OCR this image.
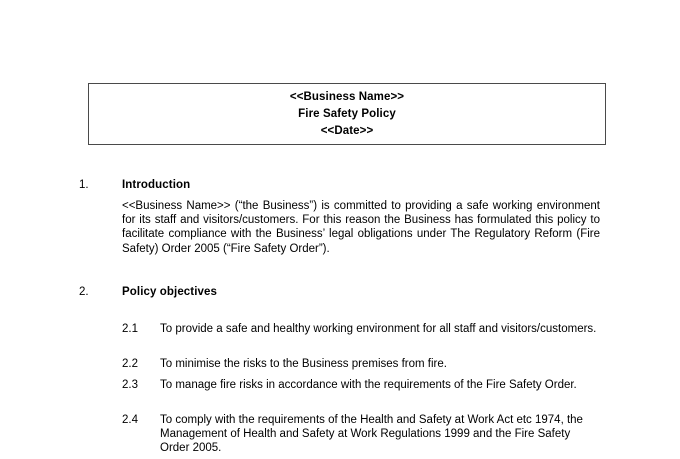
<<Business Name>>
Fire Safety Policy
<<Date>>
1.	Introduction
<<Business Name>> (“the Business”) is committed to providing a safe working environment for its staff and visitors/customers. For this reason the Business has formulated this policy to facilitate compliance with the Business’ legal obligations under The Regulatory Reform (Fire Safety) Order 2005 (“Fire Safety Order”).
2.	Policy objectives
2.1	To provide a safe and healthy working environment for all staff and visitors/customers.
2.2	To minimise the risks to the Business premises from fire.
2.3	To manage fire risks in accordance with the requirements of the Fire Safety Order.
2.4	To comply with the requirements of the Health and Safety at Work Act etc 1974, the Management of Health and Safety at Work Regulations 1999 and the Fire Safety Order 2005.
